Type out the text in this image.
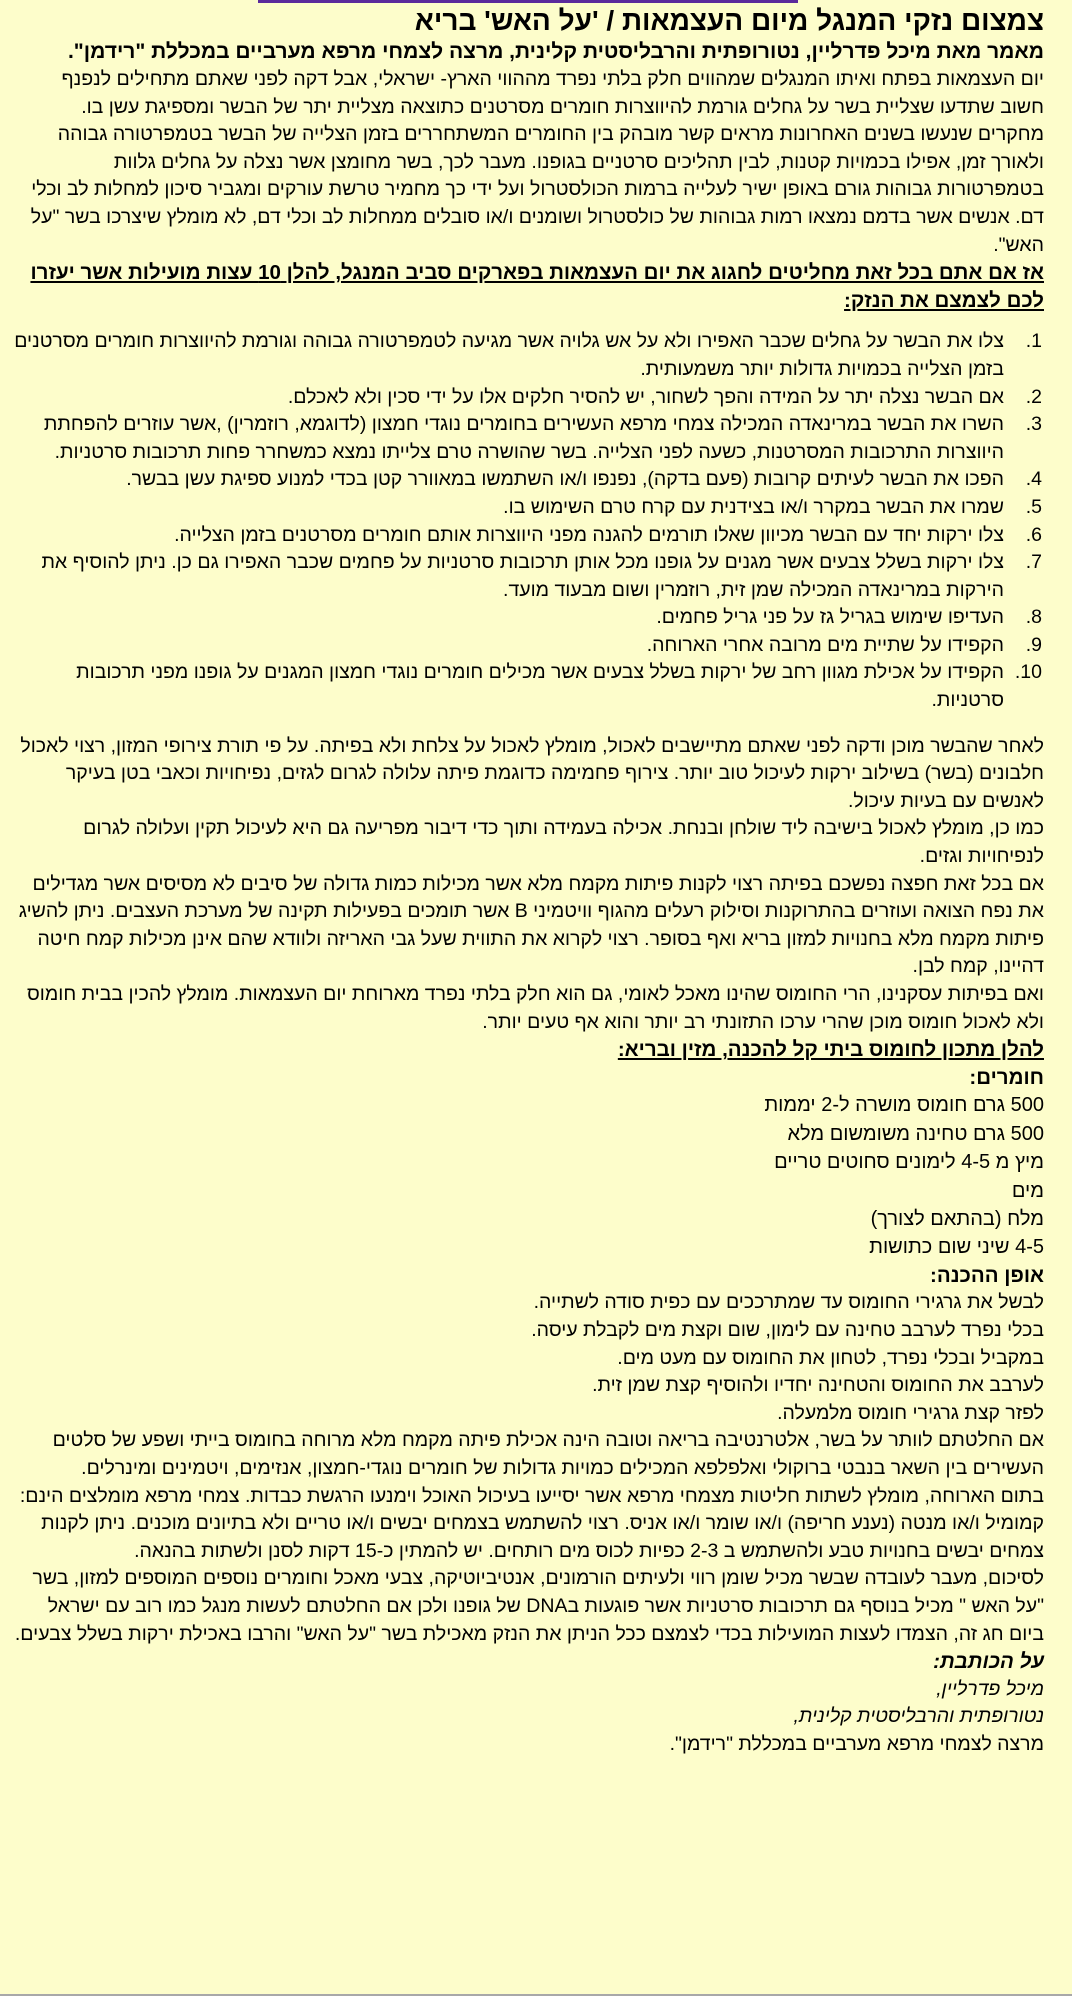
צמצום נזקי המנגל מיום העצמאות / 'על האש' בריא

מאמר מאת מיכל פדרליין, נטורופתית והרבליסטית קלינית, מרצה לצמחי מרפא מערביים במכללת "רידמן".

יום העצמאות בפתח ואיתו המנגלים שמהווים חלק בלתי נפרד מההווי הארץ- ישראלי, אבל דקה לפני שאתם מתחילים לנפנף חשוב שתדעו שצליית בשר על גחלים גורמת להיווצרות חומרים מסרטנים כתוצאה מצליית יתר של הבשר ומספיגת עשן בו. מחקרים שנעשו בשנים האחרונות מראים קשר מובהק בין החומרים המשתחררים בזמן הצלייה של הבשר בטמפרטורה גבוהה ולאורך זמן, אפילו בכמויות קטנות, לבין תהליכים סרטניים בגופנו. מעבר לכך, בשר מחומצן אשר נצלה על גחלים גלוות בטמפרטורות גבוהות גורם באופן ישיר לעלייה ברמות הכולסטרול ועל ידי כך מחמיר טרשת עורקים ומגביר סיכון למחלות לב וכלי דם. אנשים אשר בדמם נמצאו רמות גבוהות של כולסטרול ושומנים ו/או סובלים ממחלות לב וכלי דם, לא מומלץ שיצרכו בשר "על האש".

אז אם אתם בכל זאת מחליטים לחגוג את יום העצמאות בפארקים סביב המנגל, להלן 10 עצות מועילות אשר יעזרו לכם לצמצם את הנזק:

1.
צלו את הבשר על גחלים שכבר האפירו ולא על אש גלויה אשר מגיעה לטמפרטורה גבוהה וגורמת להיווצרות חומרים מסרטנים בזמן הצלייה בכמויות גדולות יותר משמעותית.
2.
אם הבשר נצלה יתר על המידה והפך לשחור, יש להסיר חלקים אלו על ידי סכין ולא לאכלם.
3.
השרו את הבשר במרינאדה המכילה צמחי מרפא העשירים בחומרים נוגדי חמצון (לדוגמא, רוזמרין) ,אשר עוזרים להפחתת היווצרות התרכובות המסרטנות, כשעה לפני הצלייה. בשר שהושרה טרם צלייתו נמצא כמשחרר פחות תרכובות סרטניות.
4.
הפכו את הבשר לעיתים קרובות (פעם בדקה), נפנפו ו/או השתמשו במאוורר קטן בכדי למנוע ספיגת עשן בבשר.
5.
שמרו את הבשר במקרר ו/או בצידנית עם קרח טרם השימוש בו.
6.
צלו ירקות יחד עם הבשר מכיוון שאלו תורמים להגנה מפני היווצרות אותם חומרים מסרטנים בזמן הצלייה.
7.
צלו ירקות בשלל צבעים אשר מגנים על גופנו מכל אותן תרכובות סרטניות על פחמים שכבר האפירו גם כן. ניתן להוסיף את הירקות במרינאדה המכילה שמן זית, רוזמרין ושום מבעוד מועד.
8.
העדיפו שימוש בגריל גז על פני גריל פחמים.
9.
הקפידו על שתיית מים מרובה אחרי הארוחה.
10.
הקפידו על אכילת מגוון רחב של ירקות בשלל צבעים אשר מכילים חומרים נוגדי חמצון המגנים על גופנו מפני תרכובות סרטניות.

לאחר שהבשר מוכן ודקה לפני שאתם מתיישבים לאכול, מומלץ לאכול על צלחת ולא בפיתה. על פי תורת צירופי המזון, רצוי לאכול חלבונים (בשר) בשילוב ירקות לעיכול טוב יותר. צירוף פחמימה כדוגמת פיתה עלולה לגרום לגזים, נפיחויות וכאבי בטן בעיקר לאנשים עם בעיות עיכול.

כמו כן, מומלץ לאכול בישיבה ליד שולחן ובנחת. אכילה בעמידה ותוך כדי דיבור מפריעה גם היא לעיכול תקין ועלולה לגרום לנפיחויות וגזים.

אם בכל זאת חפצה נפשכם בפיתה רצוי לקנות פיתות מקמח מלא אשר מכילות כמות גדולה של סיבים לא מסיסים אשר מגדילים את נפח הצואה ועוזרים בהתרוקנות וסילוק רעלים מהגוף וויטמיני B אשר תומכים בפעילות תקינה של מערכת העצבים. ניתן להשיג פיתות מקמח מלא בחנויות למזון בריא ואף בסופר. רצוי לקרוא את התווית שעל גבי האריזה ולוודא שהם אינן מכילות קמח חיטה דהיינו, קמח לבן.

ואם בפיתות עסקנינו, הרי החומוס שהינו מאכל לאומי, גם הוא חלק בלתי נפרד מארוחת יום העצמאות. מומלץ להכין בבית חומוס ולא לאכול חומוס מוכן שהרי ערכו התזונתי רב יותר והוא אף טעים יותר.

להלן מתכון לחומוס ביתי קל להכנה, מזין ובריא:

חומרים:

500 גרם חומוס מושרה ל-2 יממות
500 גרם טחינה משומשום מלא
מיץ מ 4-5 לימונים סחוטים טריים
מים
מלח (בהתאם לצורך)
4-5 שיני שום כתושות

אופן ההכנה:

לבשל את גרגירי החומוס עד שמתרככים עם כפית סודה לשתייה.
בכלי נפרד לערבב טחינה עם לימון, שום וקצת מים לקבלת עיסה.
במקביל ובכלי נפרד, לטחון את החומוס עם מעט מים.
לערבב את החומוס והטחינה יחדיו ולהוסיף קצת שמן זית.
לפזר קצת גרגירי חומוס מלמעלה.

אם החלטתם לוותר על בשר, אלטרנטיבה בריאה וטובה הינה אכילת פיתה מקמח מלא מרוחה בחומוס בייתי ושפע של סלטים העשירים בין השאר בנבטי ברוקולי ואלפלפא המכילים כמויות גדולות של חומרים נוגדי-חמצון, אנזימים, ויטמינים ומינרלים.

בתום הארוחה, מומלץ לשתות חליטות מצמחי מרפא אשר יסייעו בעיכול האוכל וימנעו הרגשת כבדות. צמחי מרפא מומלצים הינם: קמומיל ו/או מנטה (נענע חריפה) ו/או שומר ו/או אניס. רצוי להשתמש בצמחים יבשים ו/או טריים ולא בתיונים מוכנים. ניתן לקנות צמחים יבשים בחנויות טבע ולהשתמש ב 2-3 כפיות לכוס מים רותחים. יש להמתין כ-15 דקות לסנן ולשתות בהנאה.

לסיכום, מעבר לעובדה שבשר מכיל שומן רווי ולעיתים הורמונים, אנטיביוטיקה, צבעי מאכל וחומרים נוספים המוספים למזון, בשר "על האש " מכיל בנוסף גם תרכובות סרטניות אשר פוגעות בDNA של גופנו ולכן אם החלטתם לעשות מנגל כמו רוב עם ישראל ביום חג זה, הצמדו לעצות המועילות בכדי לצמצם ככל הניתן את הנזק מאכילת בשר "על האש" והרבו באכילת ירקות בשלל צבעים.

על הכותבת:

מיכל פדרליין,

נטורופתית והרבליסטית קלינית,

מרצה לצמחי מרפא מערביים במכללת "רידמן".
